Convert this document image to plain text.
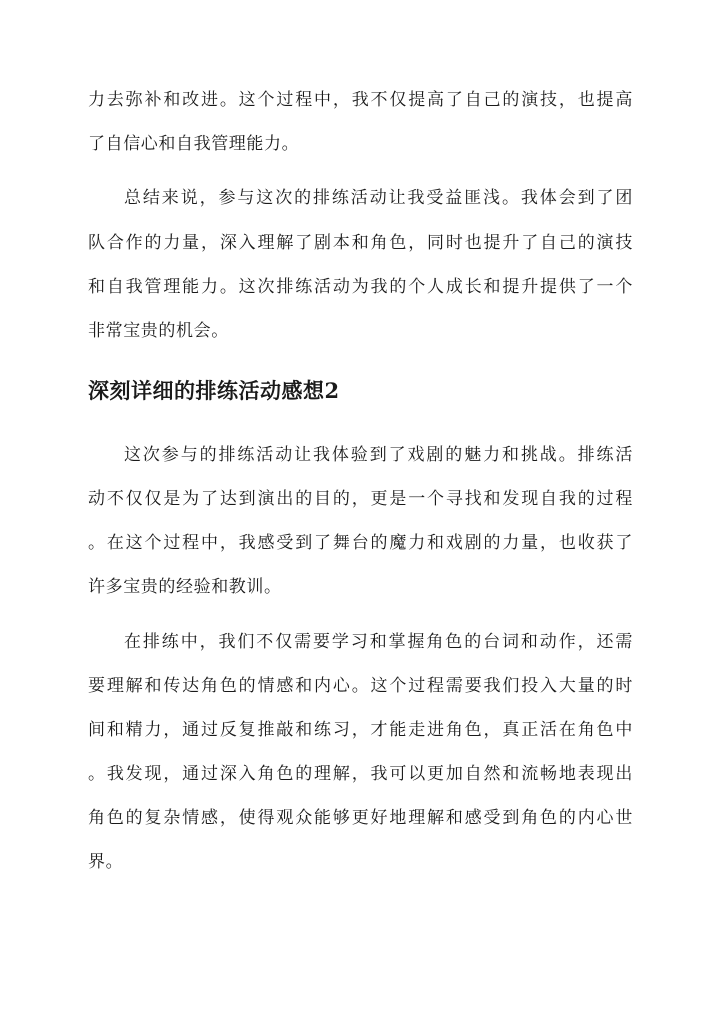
力去弥补和改进。这个过程中，我不仅提高了自己的演技，也提高
了自信心和自我管理能力。
总结来说，参与这次的排练活动让我受益匪浅。我体会到了团
队合作的力量，深入理解了剧本和角色，同时也提升了自己的演技
和自我管理能力。这次排练活动为我的个人成长和提升提供了一个
非常宝贵的机会。
深刻详细的排练活动感想2
这次参与的排练活动让我体验到了戏剧的魅力和挑战。排练活
动不仅仅是为了达到演出的目的，更是一个寻找和发现自我的过程
。在这个过程中，我感受到了舞台的魔力和戏剧的力量，也收获了
许多宝贵的经验和教训。
在排练中，我们不仅需要学习和掌握角色的台词和动作，还需
要理解和传达角色的情感和内心。这个过程需要我们投入大量的时
间和精力，通过反复推敲和练习，才能走进角色，真正活在角色中
。我发现，通过深入角色的理解，我可以更加自然和流畅地表现出
角色的复杂情感，使得观众能够更好地理解和感受到角色的内心世
界。
